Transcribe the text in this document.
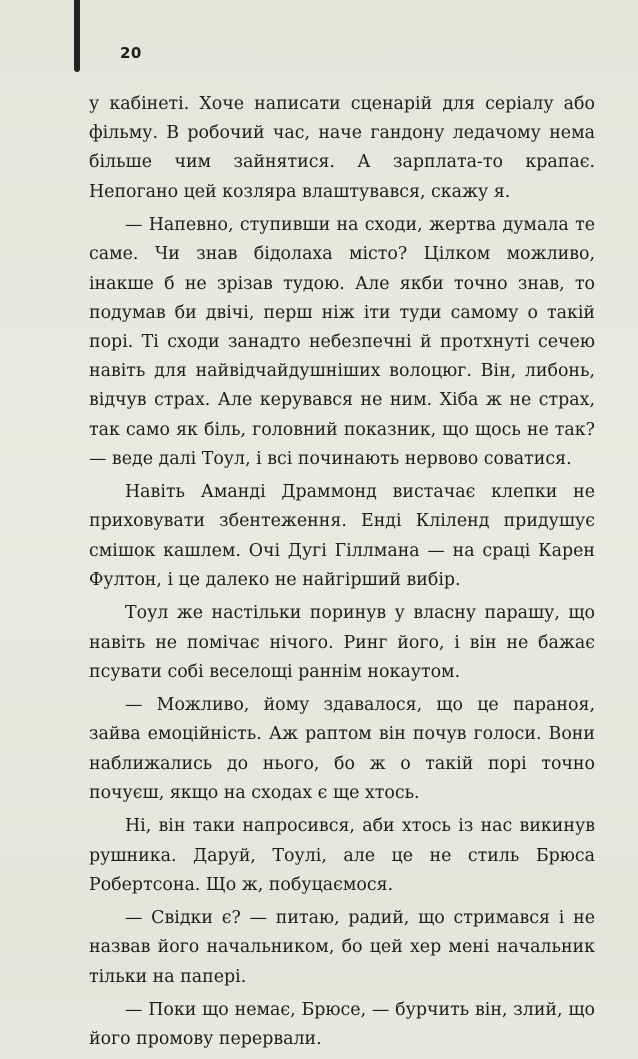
20

у кабінеті. Хоче написати сценарій для серіалу або фільму. В робочий час, наче гандону ледачому нема більше чим зайнятися. А зарплата-то крапає. Непогано цей козляра влаштувався, скажу я.

— Напевно, ступивши на сходи, жертва думала те саме. Чи знав бідолаха місто? Цілком можливо, інакше б не зрізав тудою. Але якби точно знав, то подумав би двічі, перш ніж іти туди самому о такій порі. Ті сходи занадто небезпечні й протхнуті сечею навіть для найвідчайдушніших волоцюг. Він, либонь, відчув страх. Але керувався не ним. Хіба ж не страх, так само як біль, головний показник, що щось не так? — веде далі Тоул, і всі починають нервово соватися.

Навіть Аманді Драммонд вистачає клепки не приховувати збентеження. Енді Кліленд придушує смішок кашлем. Очі Дугі Гіллмана — на сраці Карен Фултон, і це далеко не найгірший вибір.

Тоул же настільки поринув у власну парашу, що навіть не помічає нічого. Ринг його, і він не бажає псувати собі веселощі раннім нокаутом.

— Можливо, йому здавалося, що це параноя, зайва емоційність. Аж раптом він почув голоси. Вони наближались до нього, бо ж о такій порі точно почуєш, якщо на сходах є ще хтось.

Ні, він таки напросився, аби хтось із нас викинув рушника. Даруй, Тоулі, але це не стиль Брюса Робертсона. Що ж, побуцаємося.

— Свідки є? — питаю, радий, що стримався і не назвав його начальником, бо цей хер мені начальник тільки на папері.

— Поки що немає, Брюсе, — бурчить він, злий, що його промову перервали.
